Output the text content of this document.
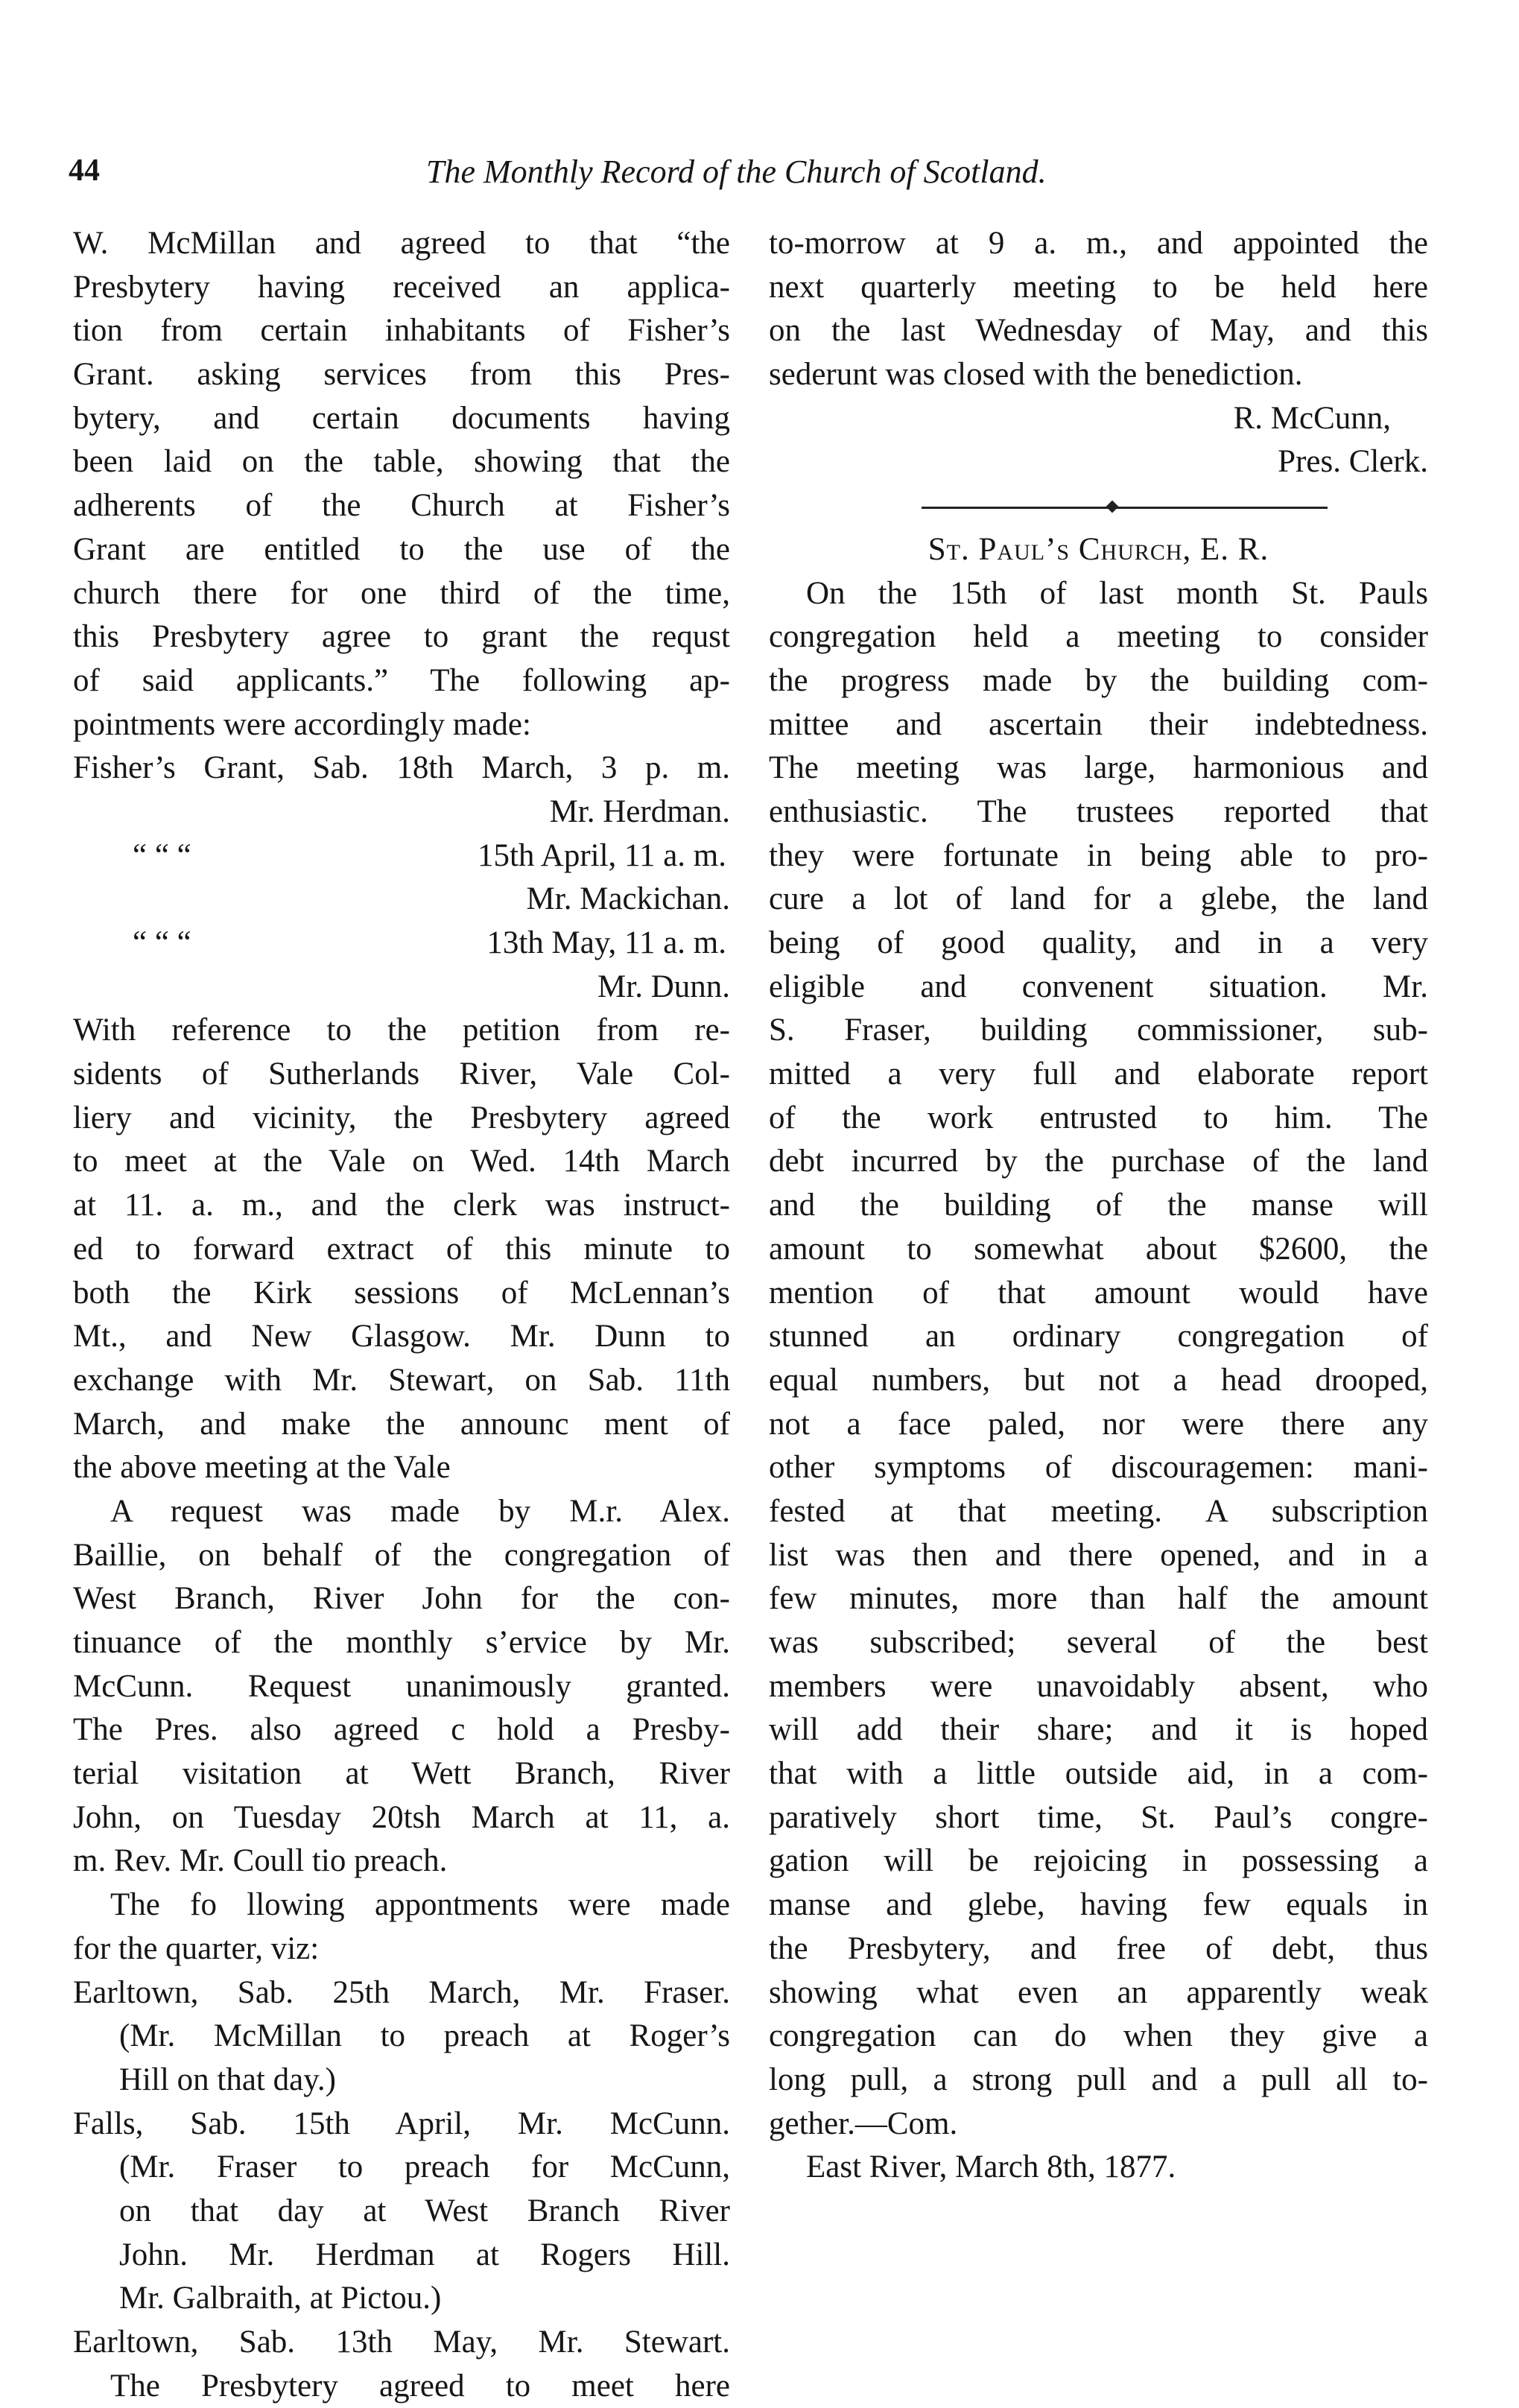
44	The Monthly Record of the Church of Scotland.
W. McMillan and agreed to that “the
Presbytery having received an applica-
tion from certain inhabitants of Fisher’s
Grant. asking services from this Pres-
bytery, and certain documents having
been laid on the table, showing that the
adherents of the Church at Fisher’s
Grant are entitled to the use of the
church there for one third of the time,
this Presbytery agree to grant the requst
of said applicants.” The following ap-
pointments were accordingly made:
Fisher’s Grant, Sab. 18th March, 3 p. m.
Mr. Herdman.
“ “ “	15th April, 11 a. m.
Mr. Mackichan.
“ “ “	13th May, 11 a. m.
Mr. Dunn.
With reference to the petition from re-
sidents of Sutherlands River, Vale Col-
liery and vicinity, the Presbytery agreed
to meet at the Vale on Wed. 14th March
at 11. a. m., and the clerk was instruct-
ed to forward extract of this minute to
both the Kirk sessions of McLennan’s
Mt., and New Glasgow. Mr. Dunn to
exchange with Mr. Stewart, on Sab. 11th
March, and make the announc ment of
the above meeting at the Vale
A request was made by M.r. Alex.
Baillie, on behalf of the congregation of
West Branch, River John for the con-
tinuance of the monthly s’ervice by Mr.
McCunn. Request unanimously granted.
The Pres. also agreed c hold a Presby-
terial visitation at Wett Branch, River
John, on Tuesday 20tsh March at 11, a.
m. Rev. Mr. Coull tio preach.
The fo llowing appontments were made
for the quarter, viz:
Earltown, Sab. 25th March, Mr. Fraser.
(Mr. McMillan to preach at Roger’s
Hill on that day.)
Falls, Sab. 15th April, Mr. McCunn.
(Mr. Fraser to preach for McCunn,
on that day at West Branch River
John. Mr. Herdman at Rogers Hill.
Mr. Galbraith, at Pictou.)
Earltown, Sab. 13th May, Mr. Stewart.
The Presbytery agreed to meet here
to-morrow at 9 a. m., and appointed the
next quarterly meeting to be held here
on the last Wednesday of May, and this
sederunt was closed with the benediction.
R. McCunn,
Pres. Clerk.
St. Paul’s Church, E. R.
On the 15th of last month St. Pauls
congregation held a meeting to consider
the progress made by the building com-
mittee and ascertain their indebtedness.
The meeting was large, harmonious and
enthusiastic. The trustees reported that
they were fortunate in being able to pro-
cure a lot of land for a glebe, the land
being of good quality, and in a very
eligible and convenent situation. Mr.
S. Fraser, building commissioner, sub-
mitted a very full and elaborate report
of the work entrusted to him. The
debt incurred by the purchase of the land
and the building of the manse will
amount to somewhat about $2600, the
mention of that amount would have
stunned an ordinary congregation of
equal numbers, but not a head drooped,
not a face paled, nor were there any
other symptoms of discouragemen: mani-
fested at that meeting. A subscription
list was then and there opened, and in a
few minutes, more than half the amount
was subscribed; several of the best
members were unavoidably absent, who
will add their share; and it is hoped
that with a little outside aid, in a com-
paratively short time, St. Paul’s congre-
gation will be rejoicing in possessing a
manse and glebe, having few equals in
the Presbytery, and free of debt, thus
showing what even an apparently weak
congregation can do when they give a
long pull, a strong pull and a pull all to-
gether.—Com.
East River, March 8th, 1877.
